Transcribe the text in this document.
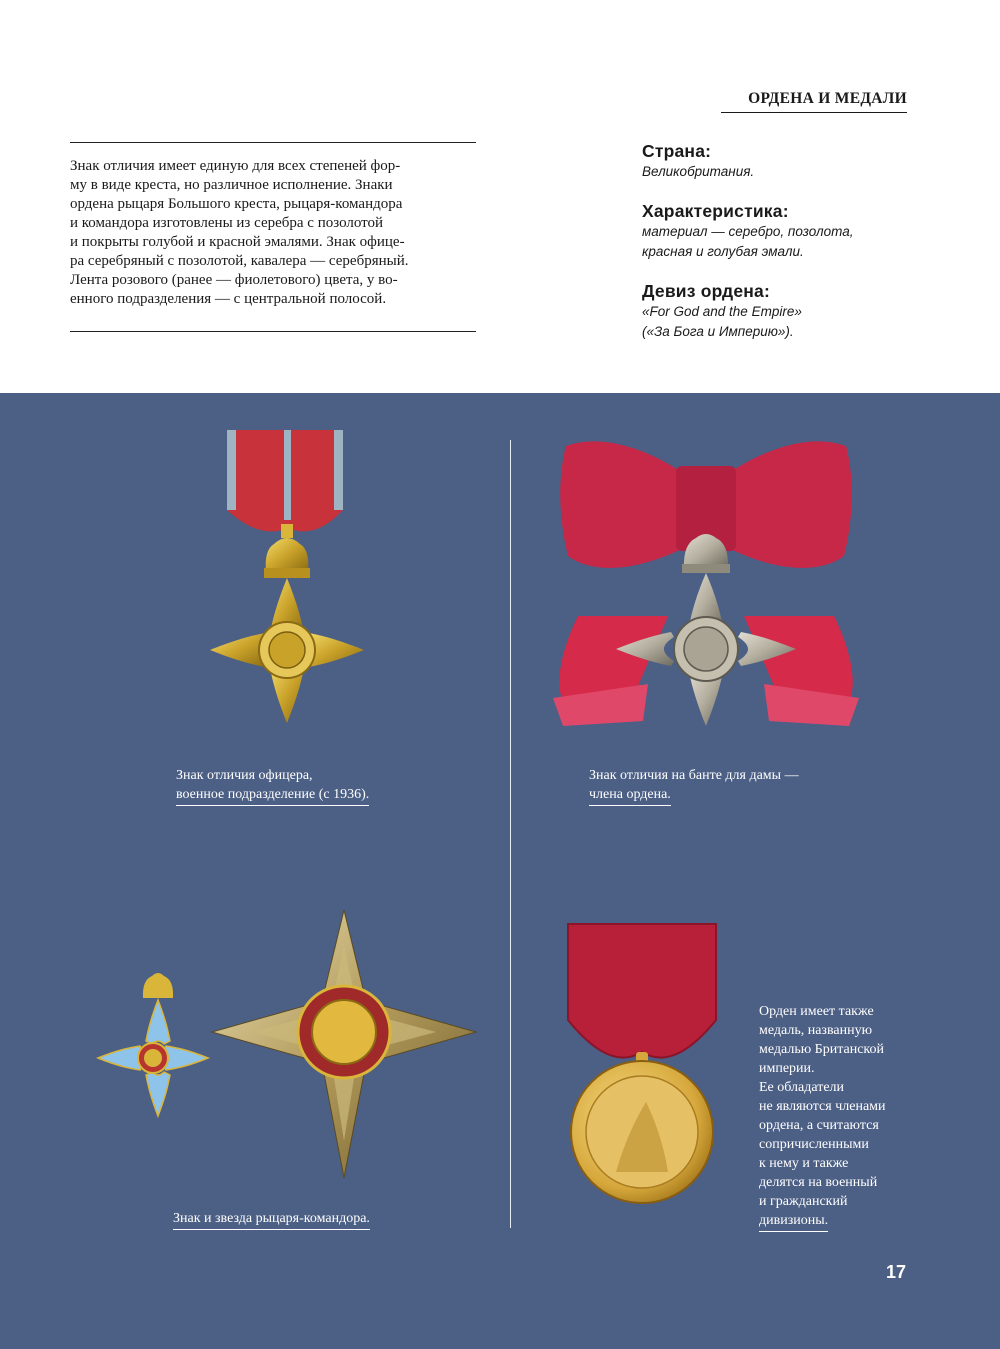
ОРДЕНА И МЕДАЛИ
Знак отличия имеет единую для всех степеней фор-
му в виде креста, но различное исполнение. Знаки
ордена рыцаря Большого креста, рыцаря-командора
и командора изготовлены из серебра с позолотой
и покрыты голубой и красной эмалями. Знак офице-
ра серебряный с позолотой, кавалера — серебряный.
Лента розового (ранее — фиолетового) цвета, у во-
енного подразделения — с центральной полосой.
Страна:
Великобритания.
Характеристика:
материал — серебро, позолота,
красная и голубая эмали.
Девиз ордена:
«For God and the Empire»
(«За Бога и Империю»).
Знак отличия офицера,
военное подразделение (с 1936).
Знак отличия на банте для дамы —
члена ордена.
Знак и звезда рыцаря-командора.
Орден имеет также
медаль, названную
медалью Британской
империи.
Ее обладатели
не являются членами
ордена, а считаются
сопричисленными
к нему и также
делятся на военный
и гражданский
дивизионы.
17
